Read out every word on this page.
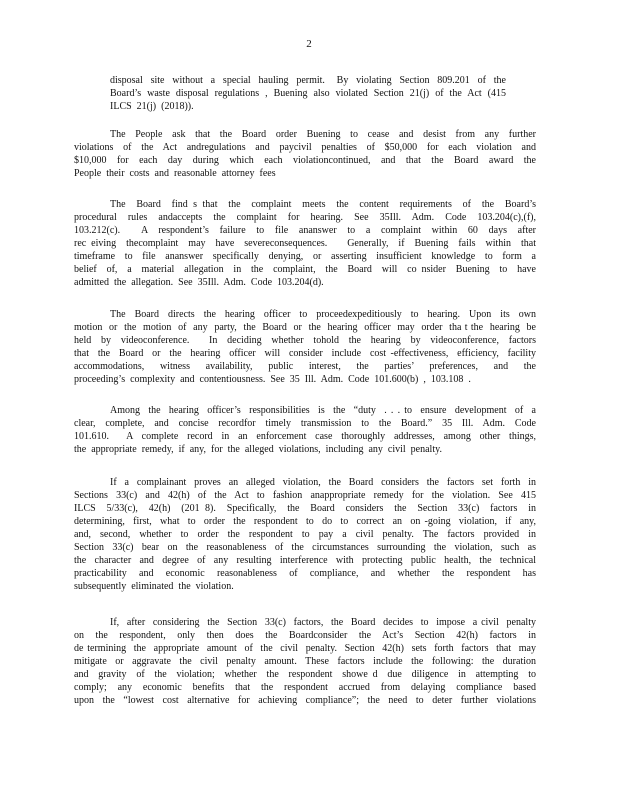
2
disposal  site  without  a  special  hauling  permit.   By  violating  Section  809.201  of  the
Board’s  waste  disposal  regulations  ,  Buening  also  violated  Section  21(j)  of  the  Act  (415
ILCS  21(j)  (2018)).
The  People  ask  that  the  Board  order  Buening  to  cease  and  desist  from  any  further
violations  of  the  Act  andregulations  and  paycivil  penalties  of  $50,000  for  each  violation  and
$10,000  for  each  day  during  which  each  violationcontinued,  and  that  the  Board  award  the
People  their  costs  and  reasonable  attorney  fees
The  Board  find s that  the  complaint  meets  the  content  requirements  of  the  Board’s
procedural  rules  andaccepts  the  complaint  for  hearing.  See  35Ill.  Adm.  Code  103.204(c),(f),
103.212(c).    A  respondent’s  failure  to  file  ananswer  to  a  complaint  within  60  days  after
rec eiving  thecomplaint  may  have  severeconsequences.    Generally,  if  Buening  fails  within  that
timeframe  to  file  ananswer  specifically  denying,  or  asserting  insufficient  knowledge  to  form  a
belief  of,  a  material  allegation  in  the  complaint,  the  Board  will  co nsider  Buening  to  have
admitted  the  allegation.  See  35Ill.  Adm.  Code  103.204(d).
The  Board  directs  the  hearing  officer  to  proceedexpeditiously  to  hearing.  Upon  its  own
motion  or  the  motion  of  any  party,  the  Board  or  the  hearing  officer  may  order  tha t the  hearing  be
held  by  videoconference.    In  deciding  whether  tohold  the  hearing  by  videoconference,  factors
that  the  Board  or  the  hearing  officer  will  consider  include  cost -effectiveness,  efficiency,  facility
accommodations,  witness  availability,  public  interest,  the  parties’  preferences,  and  the
proceeding’s  complexity  and  contentiousness.  See  35  Ill.  Adm.  Code  101.600(b)  ,  103.108  .
Among  the  hearing  officer’s  responsibilities  is  the  “duty  . . . to  ensure  development  of  a
clear,  complete,  and  concise  recordfor  timely  transmission  to  the  Board.”  35  Ill.  Adm.  Code
101.610.    A  complete  record  in  an  enforcement  case  thoroughly  addresses,  among  other  things,
the  appropriate  remedy,  if  any,  for  the  alleged  violations,  including  any  civil  penalty.
If  a  complainant  proves  an  alleged  violation,  the  Board  considers  the  factors  set  forth  in
Sections  33(c)  and  42(h)  of  the  Act  to  fashion  anappropriate  remedy  for  the  violation.  See  415
ILCS  5/33(c),  42(h)  (201 8).  Specifically,  the  Board  considers  the  Section  33(c)  factors  in
determining,  first,  what  to  order  the  respondent  to  do  to  correct  an  on -going  violation,  if  any,
and,  second,  whether  to  order  the  respondent  to  pay  a  civil  penalty.  The  factors  provided  in
Section  33(c)  bear  on  the  reasonableness  of  the  circumstances  surrounding  the  violation,  such  as
the  character  and  degree  of  any  resulting  interference  with  protecting  public  health,  the  technical
practicability  and  economic  reasonableness  of  compliance,  and  whether  the  respondent  has
subsequently  eliminated  the  violation.
If,  after  considering  the  Section  33(c)  factors,  the  Board  decides  to  impose  a civil  penalty
on  the  respondent,  only  then  does  the  Boardconsider  the  Act’s  Section  42(h)  factors  in
de termining  the  appropriate  amount  of  the  civil  penalty.  Section  42(h)  sets  forth  factors  that  may
mitigate  or  aggravate  the  civil  penalty  amount.  These  factors  include  the  following:  the  duration
and  gravity  of  the  violation;  whether  the  respondent  showe d  due  diligence  in  attempting  to
comply;  any  economic  benefits  that  the  respondent  accrued  from  delaying  compliance  based
upon  the  “lowest  cost  alternative  for  achieving  compliance”;  the  need  to  deter  further  violations
